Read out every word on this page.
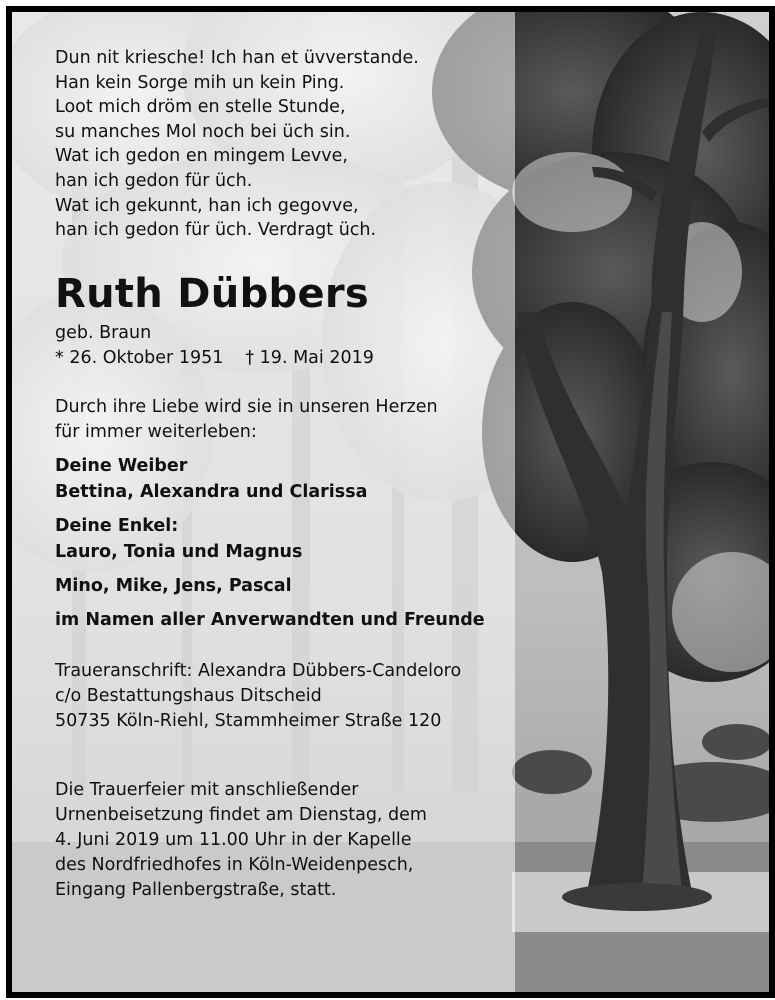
Dun nit kriesche! Ich han et üvverstande.
Han kein Sorge mih un kein Ping.
Loot mich dröm en stelle Stunde,
su manches Mol noch bei üch sin.
Wat ich gedon en mingem Levve,
han ich gedon für üch.
Wat ich gekunnt, han ich gegovve,
han ich gedon für üch. Verdragt üch.
Ruth Dübbers
geb. Braun
* 26. Oktober 1951 † 19. Mai 2019
Durch ihre Liebe wird sie in unseren Herzen
für immer weiterleben:
Deine Weiber
Bettina, Alexandra und Clarissa
Deine Enkel:
Lauro, Tonia und Magnus
Mino, Mike, Jens, Pascal
im Namen aller Anverwandten und Freunde
Traueranschrift: Alexandra Dübbers-Candeloro
c/o Bestattungshaus Ditscheid
50735 Köln-Riehl, Stammheimer Straße 120
Die Trauerfeier mit anschließender
Urnenbeisetzung findet am Dienstag, dem
4. Juni 2019 um 11.00 Uhr in der Kapelle
des Nordfriedhofes in Köln-Weidenpesch,
Eingang Pallenbergstraße, statt.
